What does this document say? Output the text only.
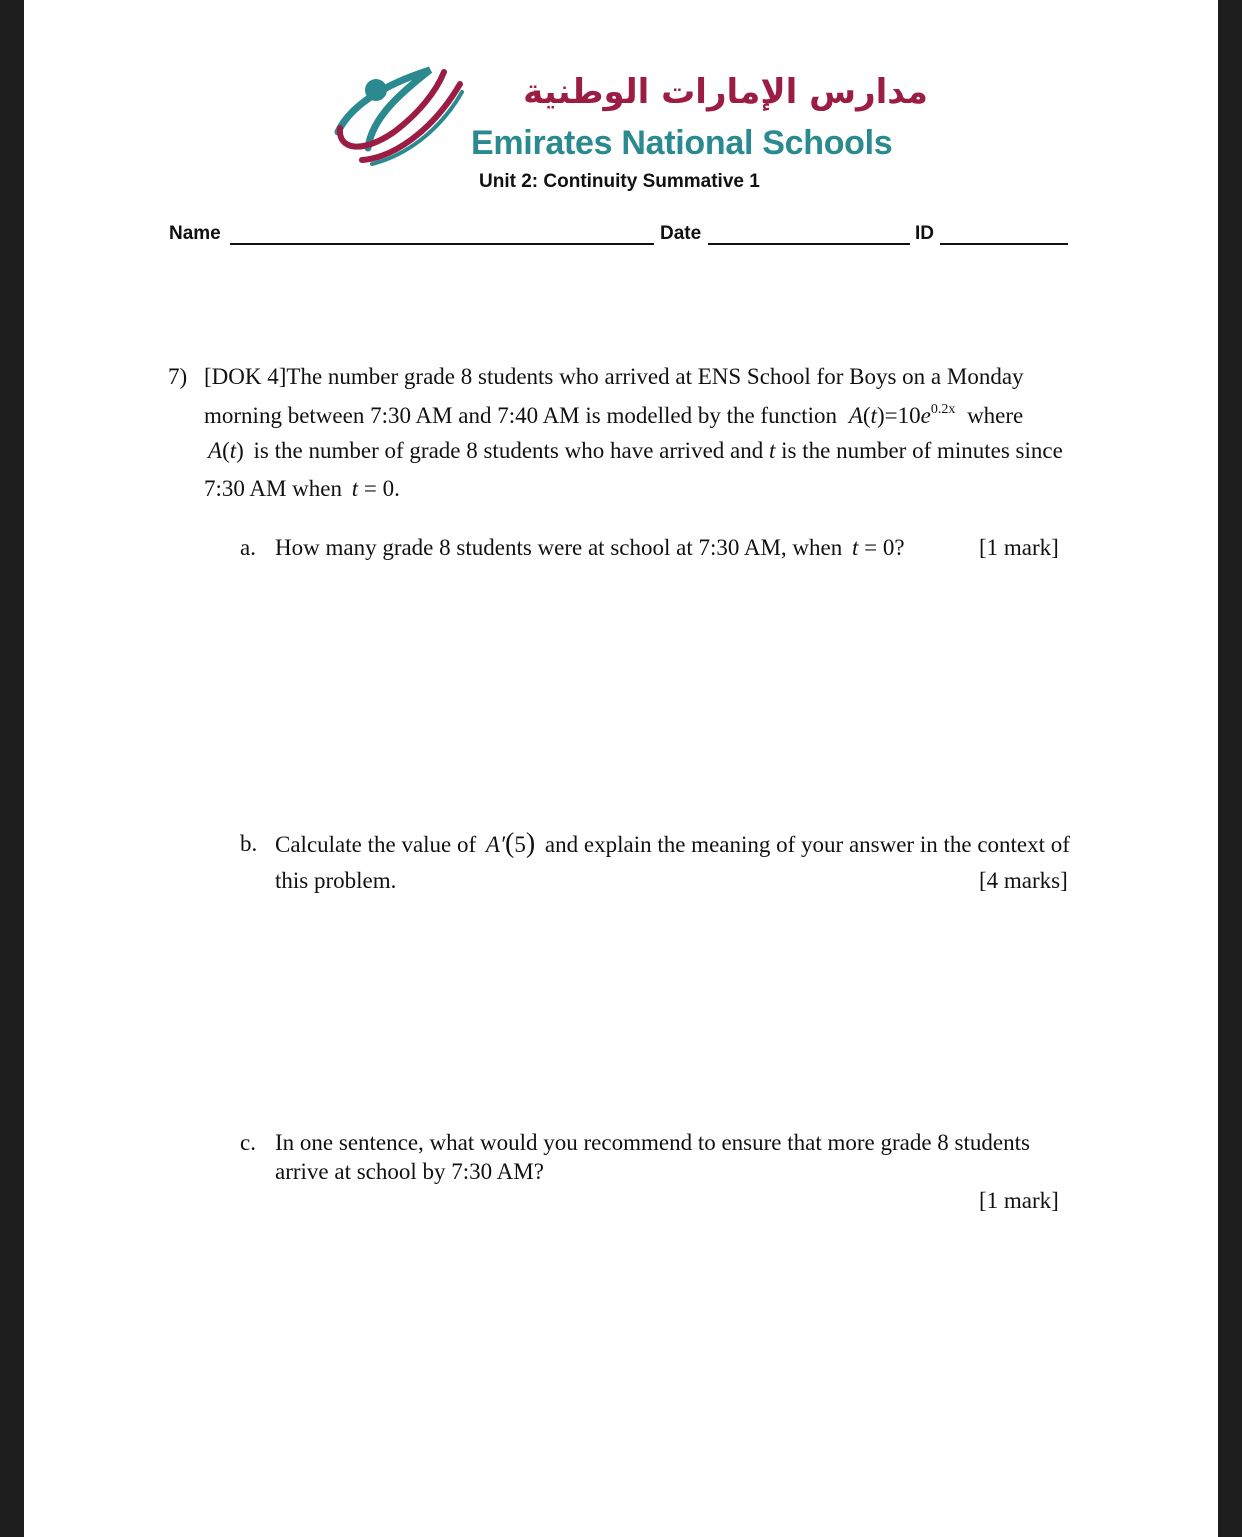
مدارس الإمارات الوطنية
Emirates National Schools
Unit 2: Continuity Summative 1
Name	Date	ID
7) [DOK 4]The number grade 8 students who arrived at ENS School for Boys on a Monday
morning between 7:30 AM and 7:40 AM is modelled by the function $A(t)=10e^{0.2x}$ where
A(t) is the number of grade 8 students who have arrived and t is the number of minutes since
7:30 AM when t = 0.
a. How many grade 8 students were at school at 7:30 AM, when t = 0?	[1 mark]
b. Calculate the value of A′(5) and explain the meaning of your answer in the context of
this problem.	[4 marks]
c. In one sentence, what would you recommend to ensure that more grade 8 students
arrive at school by 7:30 AM?
[1 mark]
